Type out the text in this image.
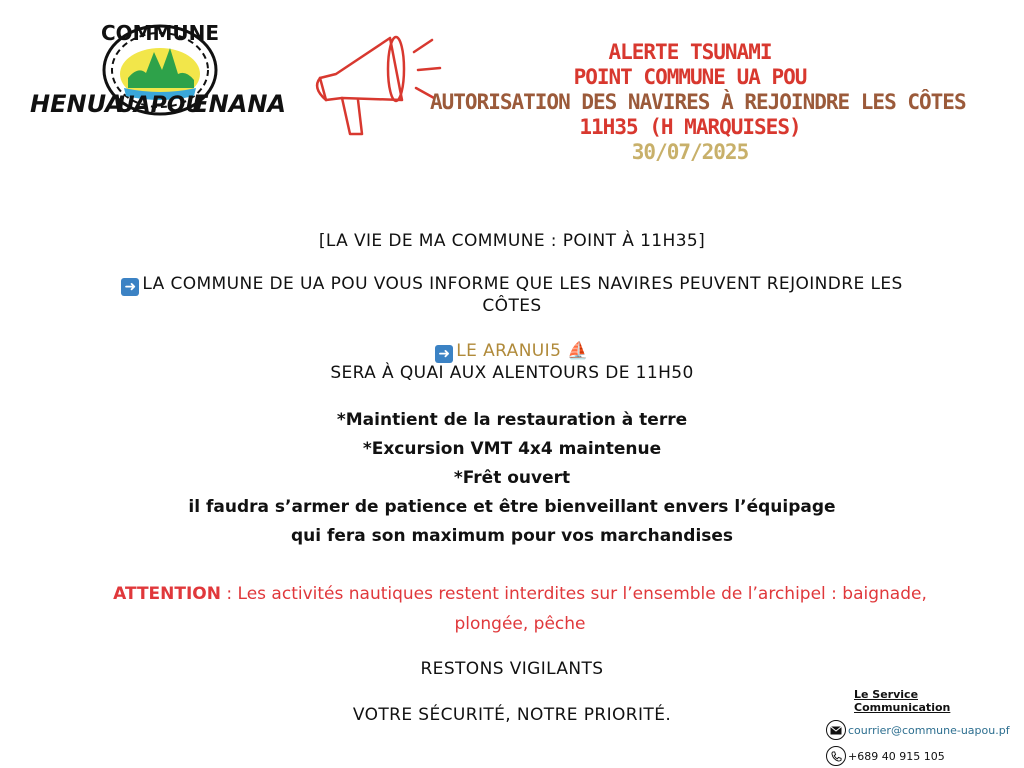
COMMUNE
HENUA
UAPOU
ENANA
ALERTE TSUNAMI
POINT COMMUNE UA POU
AUTORISATION DES NAVIRES À REJOINDRE LES CÔTES
11H35 (H MARQUISES)
30/07/2025
[LA VIE DE MA COMMUNE : POINT À 11H35]
➜ LA COMMUNE DE UA POU VOUS INFORME QUE LES NAVIRES PEUVENT REJOINDRE LES
CÔTES
➜ LE ARANUI5 ⛵
SERA À QUAI AUX ALENTOURS DE 11H50
*Maintient de la restauration à terre
*Excursion VMT 4x4 maintenue
*Frêt ouvert
il faudra s’armer de patience et être bienveillant envers l’équipage
qui fera son maximum pour vos marchandises
ATTENTION : Les activités nautiques restent interdites sur l’ensemble de l’archipel : baignade,
plongée, pêche
RESTONS VIGILANTS
VOTRE SÉCURITÉ, NOTRE PRIORITÉ.
Le Service Communication
courrier@commune-uapou.pf
+689 40 915 105
